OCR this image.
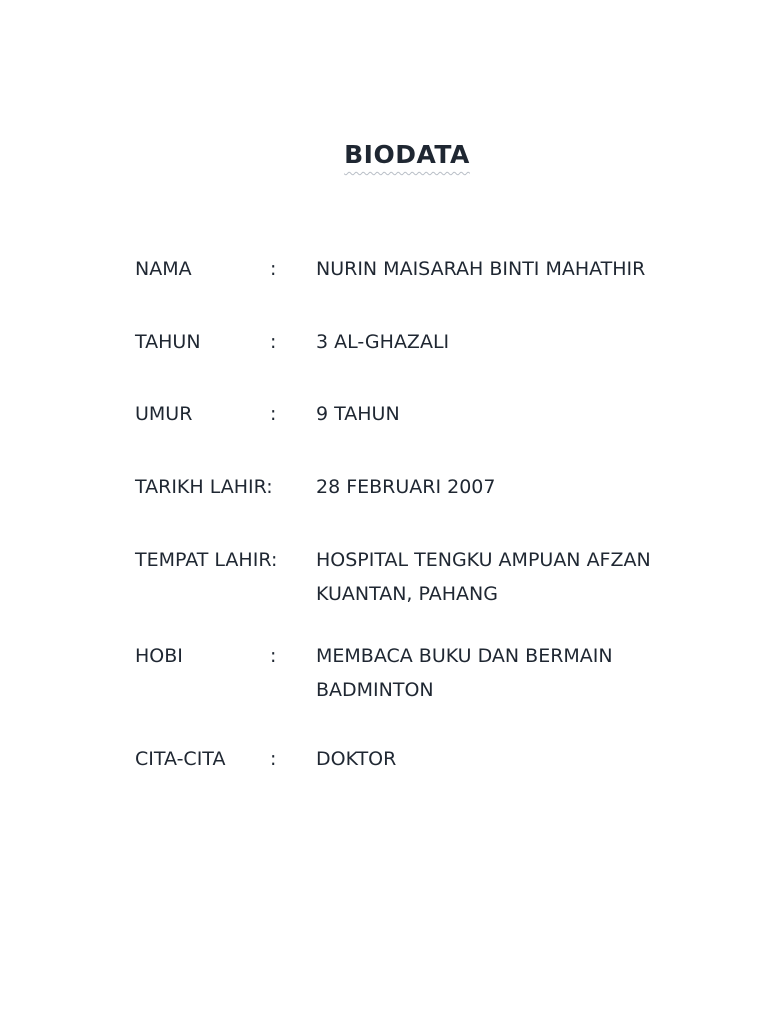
BIODATA
NAMA	: NURIN MAISARAH BINTI MAHATHIR
TAHUN	: 3 AL-GHAZALI
UMUR	: 9 TAHUN
TARIKH LAHIR: 28 FEBRUARI 2007
TEMPAT LAHIR: HOSPITAL TENGKU AMPUAN AFZAN KUANTAN, PAHANG
HOBI	: MEMBACA BUKU DAN BERMAIN BADMINTON
CITA-CITA : DOKTOR
